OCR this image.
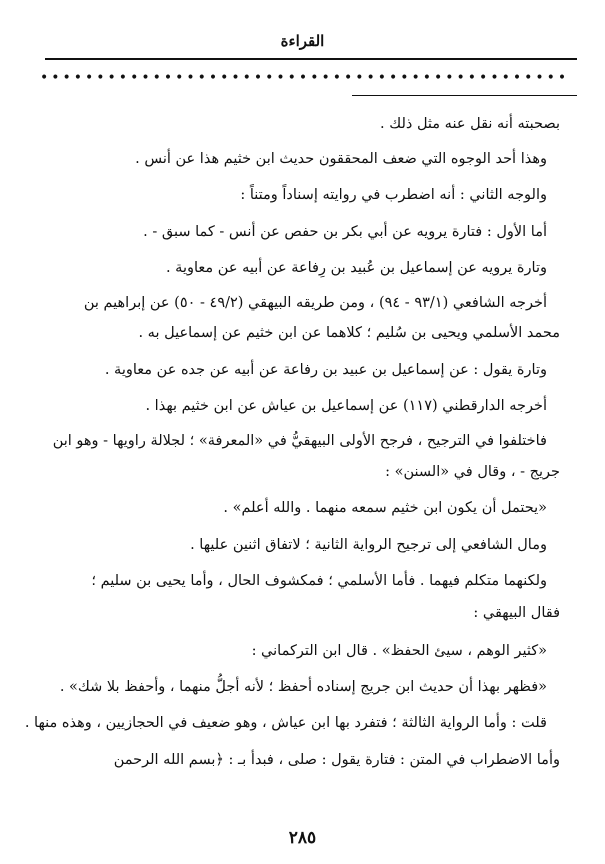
القراءة
•••••••••••••••••••••••••••••••••••••••••••••••
بصحبته أنه نقل عنه مثل ذلك .
وهذا أحد الوجوه التي ضعف المحققون حديث ابن خثيم هذا عن أنس .
والوجه الثاني : أنه اضطرب في روايته إسناداً ومتناً :
أما الأول : فتارة يرويه عن أبي بكر بن حفص عن أنس - كما سبق - .
وتارة يرويه عن إسماعيل بن عُبيد بن رِفاعة عن أبيه عن معاوية .
أخرجه الشافعي (٩٣/١ - ٩٤) ، ومن طريقه البيهقي (٤٩/٢ - ٥٠) عن إبراهيم بن
محمد الأسلمي ويحيى بن سُليم ؛ كلاهما عن ابن خثيم عن إسماعيل به .
وتارة يقول : عن إسماعيل بن عبيد بن رفاعة عن أبيه عن جده عن معاوية .
أخرجه الدارقطني (١١٧) عن إسماعيل بن عياش عن ابن خثيم بهذا .
فاختلفوا في الترجيح ، فرجح الأولى البيهقيُّ في «المعرفة» ؛ لجلالة راويها - وهو ابن
جريج - ، وقال في «السنن» :
«يحتمل أن يكون ابن خثيم سمعه منهما . والله أعلم» .
ومال الشافعي إلى ترجيح الرواية الثانية ؛ لاتفاق اثنين عليها .
ولكنهما متكلم فيهما . فأما الأسلمي ؛ فمكشوف الحال ، وأما يحيى بن سليم ؛
فقال البيهقي :
«كثير الوهم ، سيئ الحفظ» . قال ابن التركماني :
«فظهر بهذا أن حديث ابن جريج إسناده أحفظ ؛ لأنه أجلُّ منهما ، وأحفظ بلا شك» .
قلت : وأما الرواية الثالثة ؛ فتفرد بها ابن عياش ، وهو ضعيف في الحجازيين ، وهذه منها .
وأما الاضطراب في المتن : فتارة يقول : صلى ، فبدأ بـ : ﴿بسم الله الرحمن
٢٨٥
